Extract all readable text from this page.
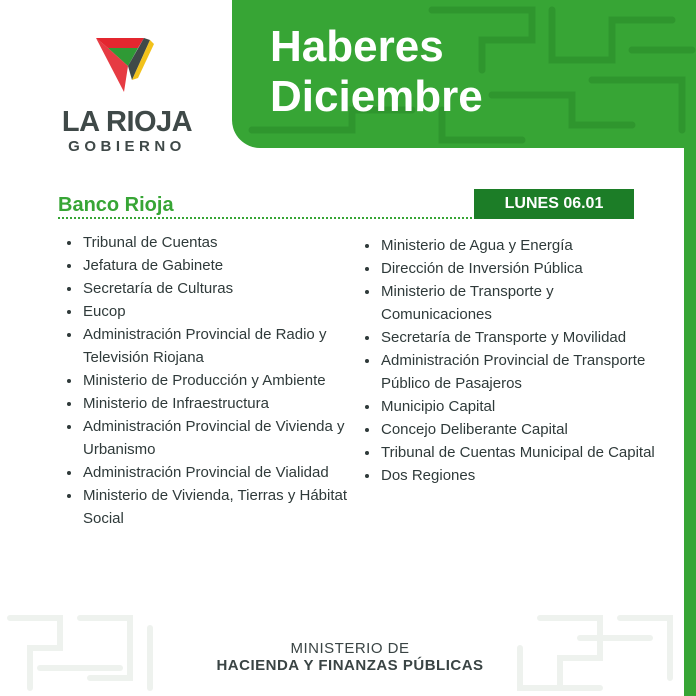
LA RIOJA
GOBIERNO
Haberes
Diciembre
Banco Rioja	LUNES 06.01
• Tribunal de Cuentas
• Jefatura de Gabinete
• Secretaría de Culturas
• Eucop
• Administración Provincial de Radio y Televisión Riojana
• Ministerio de Producción y Ambiente
• Ministerio de Infraestructura
• Administración Provincial de Vivienda y Urbanismo
• Administración Provincial de Vialidad
• Ministerio de Vivienda, Tierras y Hábitat Social
• Ministerio de Agua y Energía
• Dirección de Inversión Pública
• Ministerio de Transporte y Comunicaciones
• Secretaría de Transporte y Movilidad
• Administración Provincial de Transporte Público de Pasajeros
• Municipio Capital
• Concejo Deliberante Capital
• Tribunal de Cuentas Municipal de Capital
• Dos Regiones
MINISTERIO DE
HACIENDA Y FINANZAS PÚBLICAS
